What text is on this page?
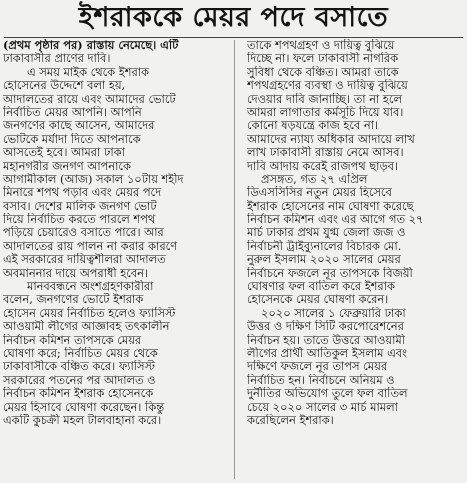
ইশরাককে মেয়র পদে বসাতে
(প্রথম পৃষ্ঠার পর) রাস্তায় নেমেছে। এটি
ঢাকাবাসীর প্রাণের দাবি।
এ সময় মাইক থেকে ইশরাক
হোসেনের উদ্দেশে বলা হয়,
আদালতের রায়ে এবং আমাদের ভোটে
নির্বাচিত মেয়র আপনি। আপনি
জনগণের কাছে আসেন, আমাদের
ভোটকে মর্যাদা দিতে আপনাকে
আসতেই হবে। আমরা ঢাকা
মহানগরীর জনগণ আপনাকে
আগামীকাল (আজ) সকাল ১০টায় শহীদ
মিনারে শপথ পড়াব এবং মেয়র পদে
বসাব। দেশের মালিক জনগণ ভোট
দিয়ে নির্বাচিত করতে পারলে শপথ
পড়িয়ে চেয়ারেও বসাতে পারে। আর
আদালতের রায় পালন না করার কারণে
এই সরকারের দায়িত্বশীলরা আদালত
অবমাননার দায়ে অপরাধী হবেন।
মানববন্ধনে অংশগ্রহণকারীরা
বলেন, জনগণের ভোটে ইশরাক
হোসেন মেয়র নির্বাচিত হলেও ফ্যাসিস্ট
আওয়ামী লীগের আজ্ঞাবহ তৎকালীন
নির্বাচন কমিশন তাপসকে মেয়র
ঘোষণা করে; নির্বাচিত মেয়র থেকে
ঢাকাবাসীকে বঞ্চিত করে। ফ্যাসিস্ট
সরকারের পতনের পর আদালত ও
নির্বাচন কমিশন ইশরাক হোসেনকে
মেয়র হিসাবে ঘোষণা করেছেন। কিন্তু
একটি কুচক্রী মহল টালবাহানা করে।
তাকে শপথগ্রহণ ও দায়িত্ব বুঝিয়ে
দিচ্ছে না। ফলে ঢাকাবাসী নাগরিক
সুবিধা থেকে বঞ্চিত। আমরা তাকে
শপথগ্রহণের ব্যবস্থা ও দায়িত্ব বুঝিয়ে
দেওয়ার দাবি জানাচ্ছি। তা না হলে
আমরা লাগাতার কর্মসূচি দিয়ে যাব।
কোনো ষড়যন্ত্রে কাজ হবে না।
আমাদের ন্যায্য অধিকার আদায়ে লাখ
লাখ ঢাকাবাসী রাস্তায় নেমে আসব।
দাবি আদায় করেই রাজপথ ছাড়ব।
প্রসঙ্গত, গত ২৭ এপ্রিল
ডিএসসিসির নতুন মেয়র হিসেবে
ইশরাক হোসেনের নাম ঘোষণা করেছে
নির্বাচন কমিশন এবং এর আগে গত ২৭
মার্চ ঢাকার প্রথম যুগ্ম জেলা জজ ও
নির্বাচনী ট্রাইব্যুনালের বিচারক মো.
নুরুল ইসলাম ২০২০ সালের মেয়র
নির্বাচনে ফজলে নূর তাপসকে বিজয়ী
ঘোষণার ফল বাতিল করে ইশরাক
হোসেনকে মেয়র ঘোষণা করেন।
২০২০ সালের ১ ফেব্রুয়ারি ঢাকা
উত্তর ও দক্ষিণ সিটি করপোরেশনের
নির্বাচন হয়। তাতে উত্তরে আওয়ামী
লীগের প্রার্থী আতিকুল ইসলাম এবং
দক্ষিণে ফজলে নূর তাপস মেয়র
নির্বাচিত হন। নির্বাচনে অনিয়ম ও
দুর্নীতির অভিযোগ তুলে ফল বাতিল
চেয়ে ২০২০ সালের ৩ মার্চ মামলা
করেছিলেন ইশরাক।
